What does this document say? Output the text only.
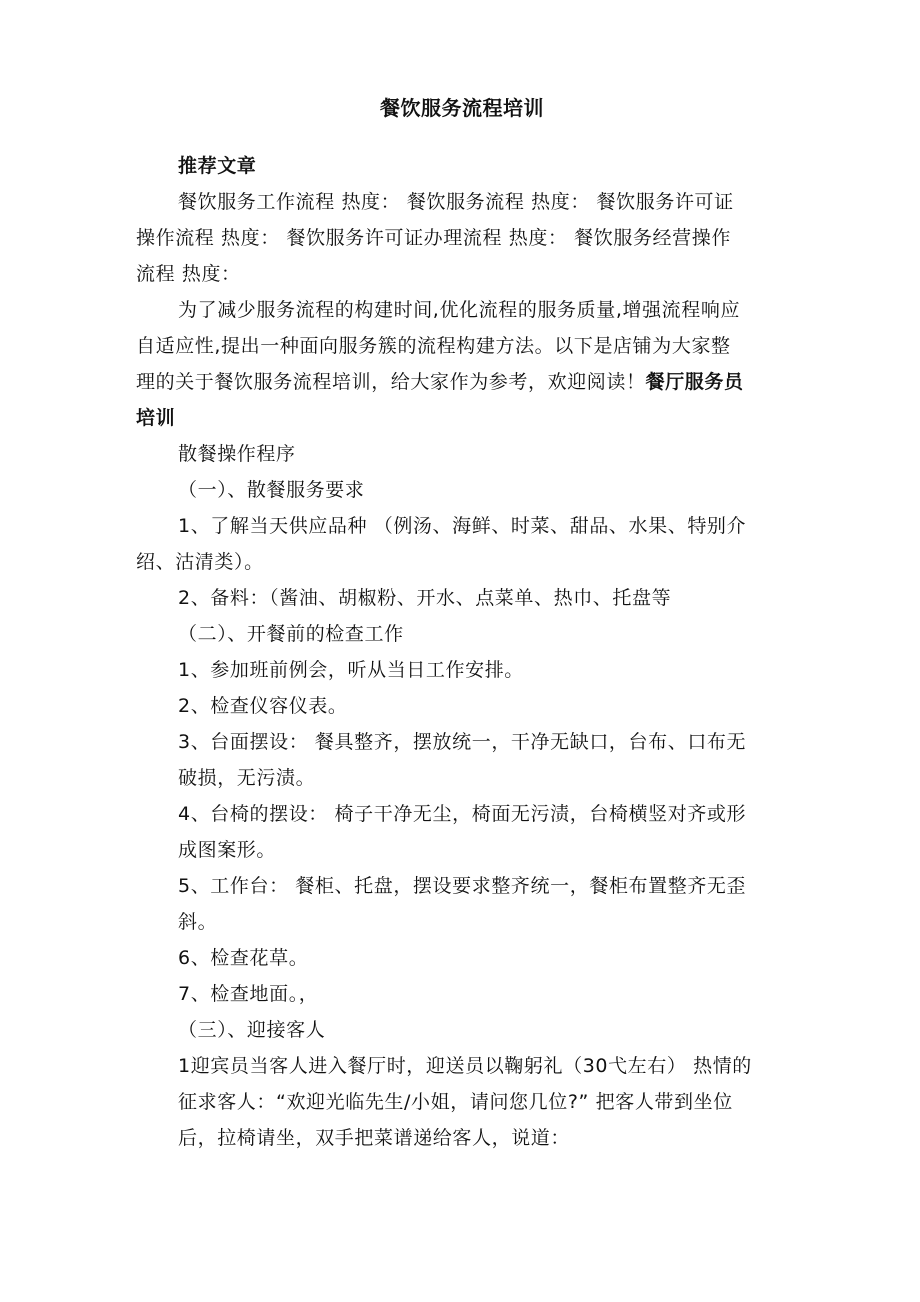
餐饮服务流程培训
推荐文章
餐饮服务工作流程 热度： 餐饮服务流程 热度： 餐饮服务许可证
操作流程 热度： 餐饮服务许可证办理流程 热度： 餐饮服务经营操作
流程 热度：
为了减少服务流程的构建时间,优化流程的服务质量,增强流程响应
自适应性,提出一种面向服务簇的流程构建方法。以下是店铺为大家整
理的关于餐饮服务流程培训，给大家作为参考，欢迎阅读！餐厅服务员
培训
散餐操作程序
（一）、散餐服务要求
1、了解当天供应品种 （例汤、海鲜、时菜、甜品、水果、特别介
绍、沽清类）。
2、备料：（酱油、胡椒粉、开水、点菜单、热巾、托盘等
（二）、开餐前的检查工作
1、参加班前例会，听从当日工作安排。
2、检查仪容仪表。
3、台面摆设： 餐具整齐，摆放统一，干净无缺口，台布、口布无
破损，无污渍。
4、台椅的摆设： 椅子干净无尘，椅面无污渍，台椅横竖对齐或形
成图案形。
5、工作台： 餐柜、托盘，摆设要求整齐统一，餐柜布置整齐无歪
斜。
6、检查花草。
7、检查地面。，
（三）、迎接客人
1迎宾员当客人进入餐厅时，迎送员以鞠躬礼（30弋左右） 热情的
征求客人：“欢迎光临先生/小姐，请问您几位?” 把客人带到坐位
后，拉椅请坐，双手把菜谱递给客人，说道：
